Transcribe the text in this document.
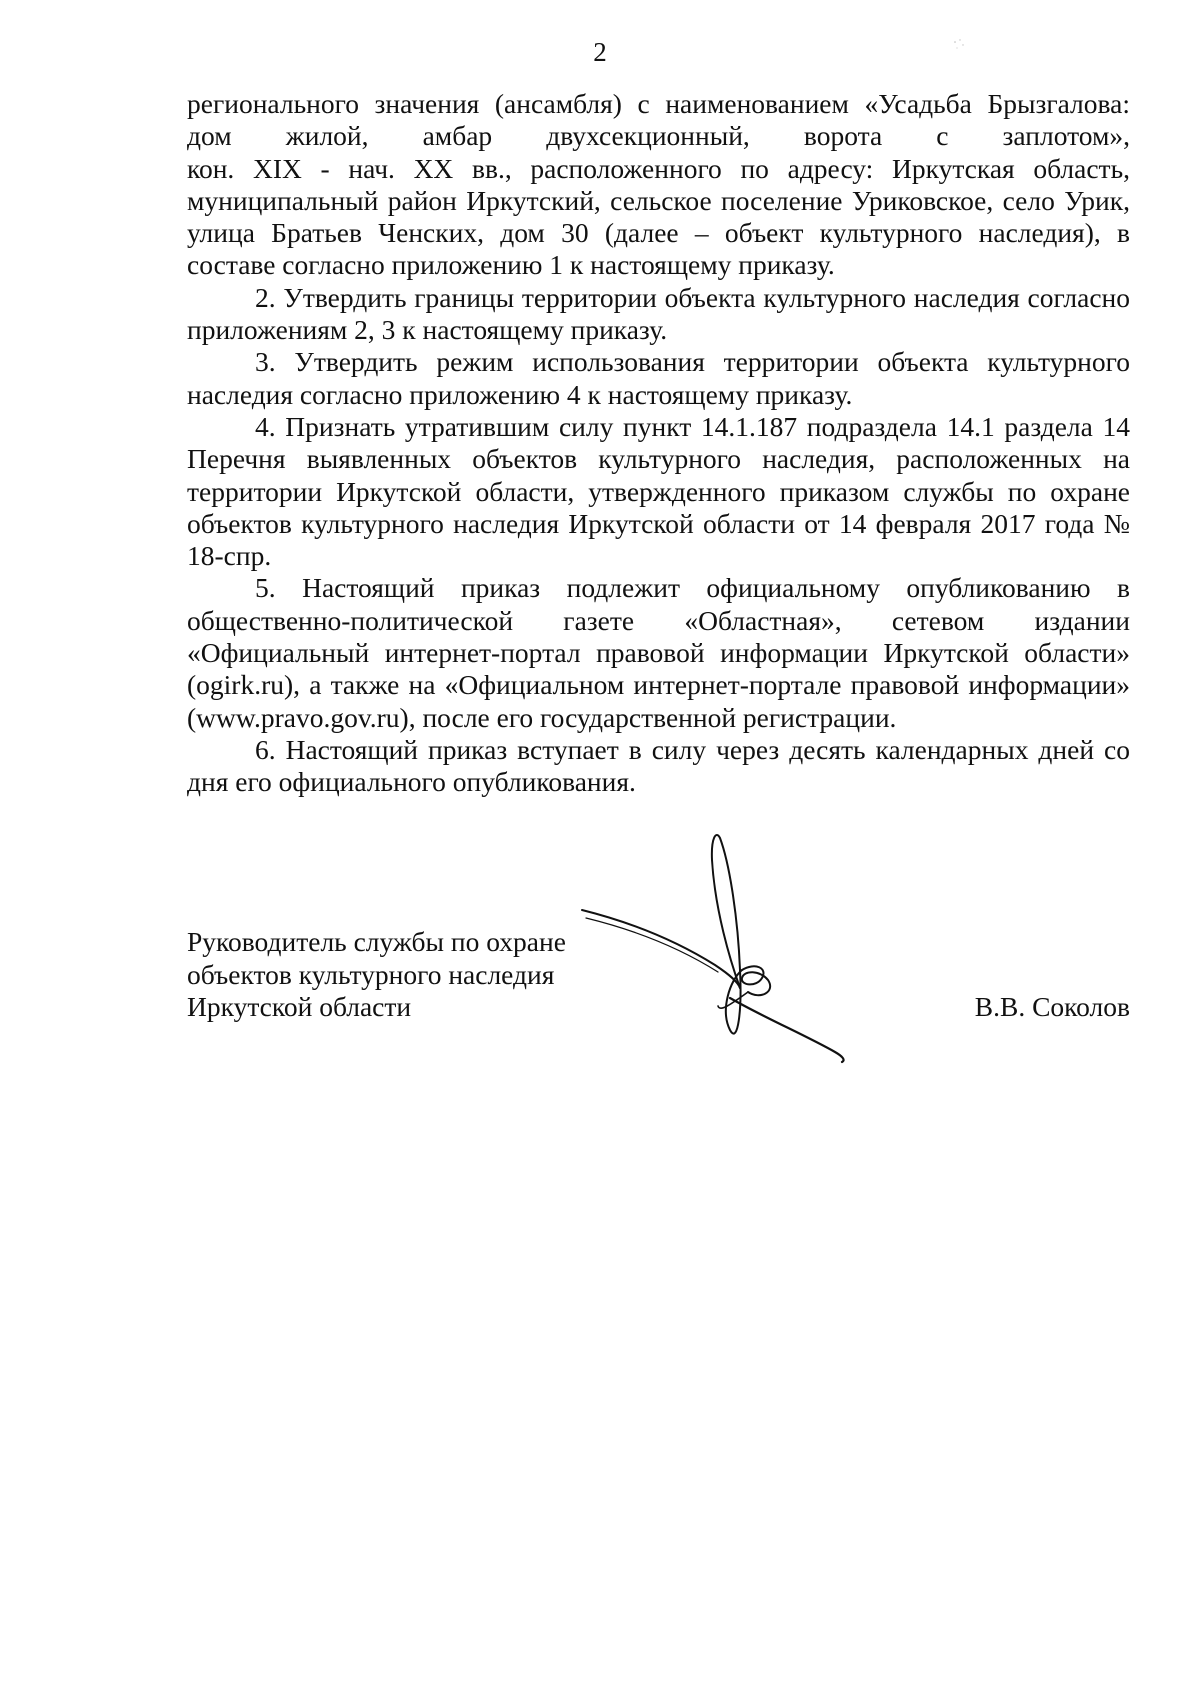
2

регионального значения (ансамбля) с наименованием «Усадьба Брызгалова:
дом жилой, амбар двухсекционный, ворота с заплотом»,
кон. XIX - нач. XX вв., расположенного по адресу: Иркутская область, муниципальный район Иркутский, сельское поселение Уриковское, село Урик, улица Братьев Ченских, дом 30 (далее – объект культурного наследия), в составе согласно приложению 1 к настоящему приказу.

2. Утвердить границы территории объекта культурного наследия согласно приложениям 2, 3 к настоящему приказу.

3. Утвердить режим использования территории объекта культурного наследия согласно приложению 4 к настоящему приказу.

4. Признать утратившим силу пункт 14.1.187 подраздела 14.1 раздела 14 Перечня выявленных объектов культурного наследия, расположенных на территории Иркутской области, утвержденного приказом службы по охране объектов культурного наследия Иркутской области от 14 февраля 2017 года № 18-спр.

5. Настоящий приказ подлежит официальному опубликованию в общественно-политической газете «Областная», сетевом издании «Официальный интернет-портал правовой информации Иркутской области» (ogirk.ru), а также на «Официальном интернет-портале правовой информации» (www.pravo.gov.ru), после его государственной регистрации.

6. Настоящий приказ вступает в силу через десять календарных дней со дня его официального опубликования.

Руководитель службы по охране
объектов культурного наследия
Иркутской области	В.В. Соколов
